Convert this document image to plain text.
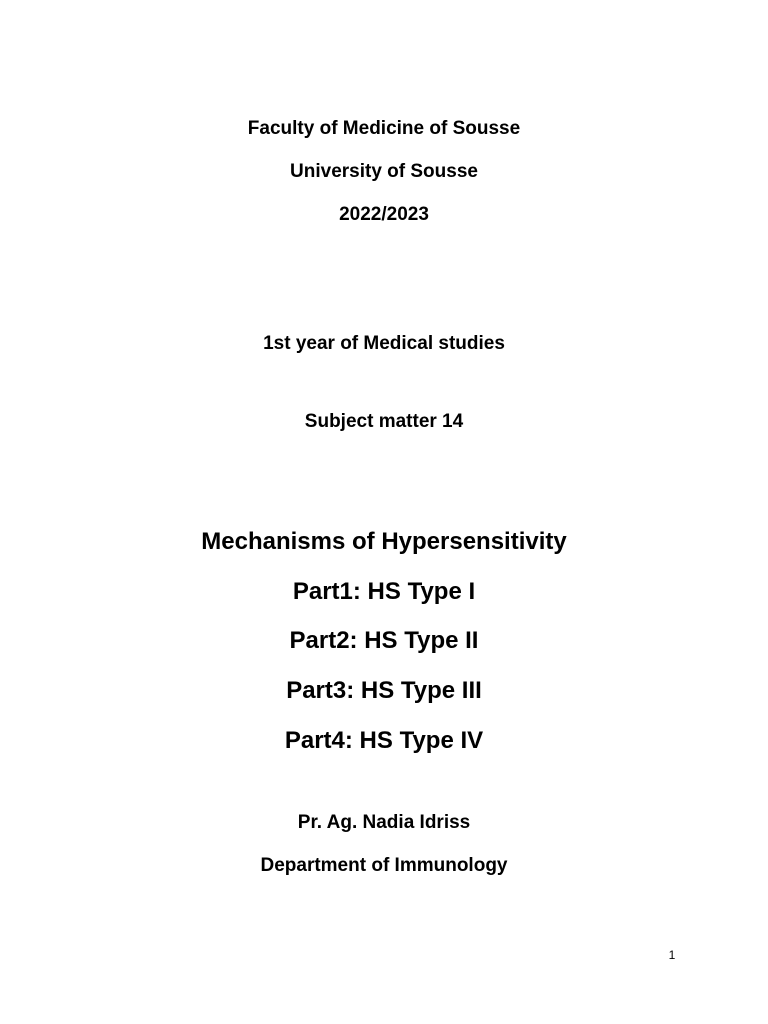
Faculty of Medicine of Sousse
University of Sousse
2022/2023
1st year of Medical studies
Subject matter 14
Mechanisms of Hypersensitivity
Part1: HS Type I
Part2: HS Type II
Part3: HS Type III
Part4: HS Type IV
Pr. Ag. Nadia Idriss
Department of Immunology
1
